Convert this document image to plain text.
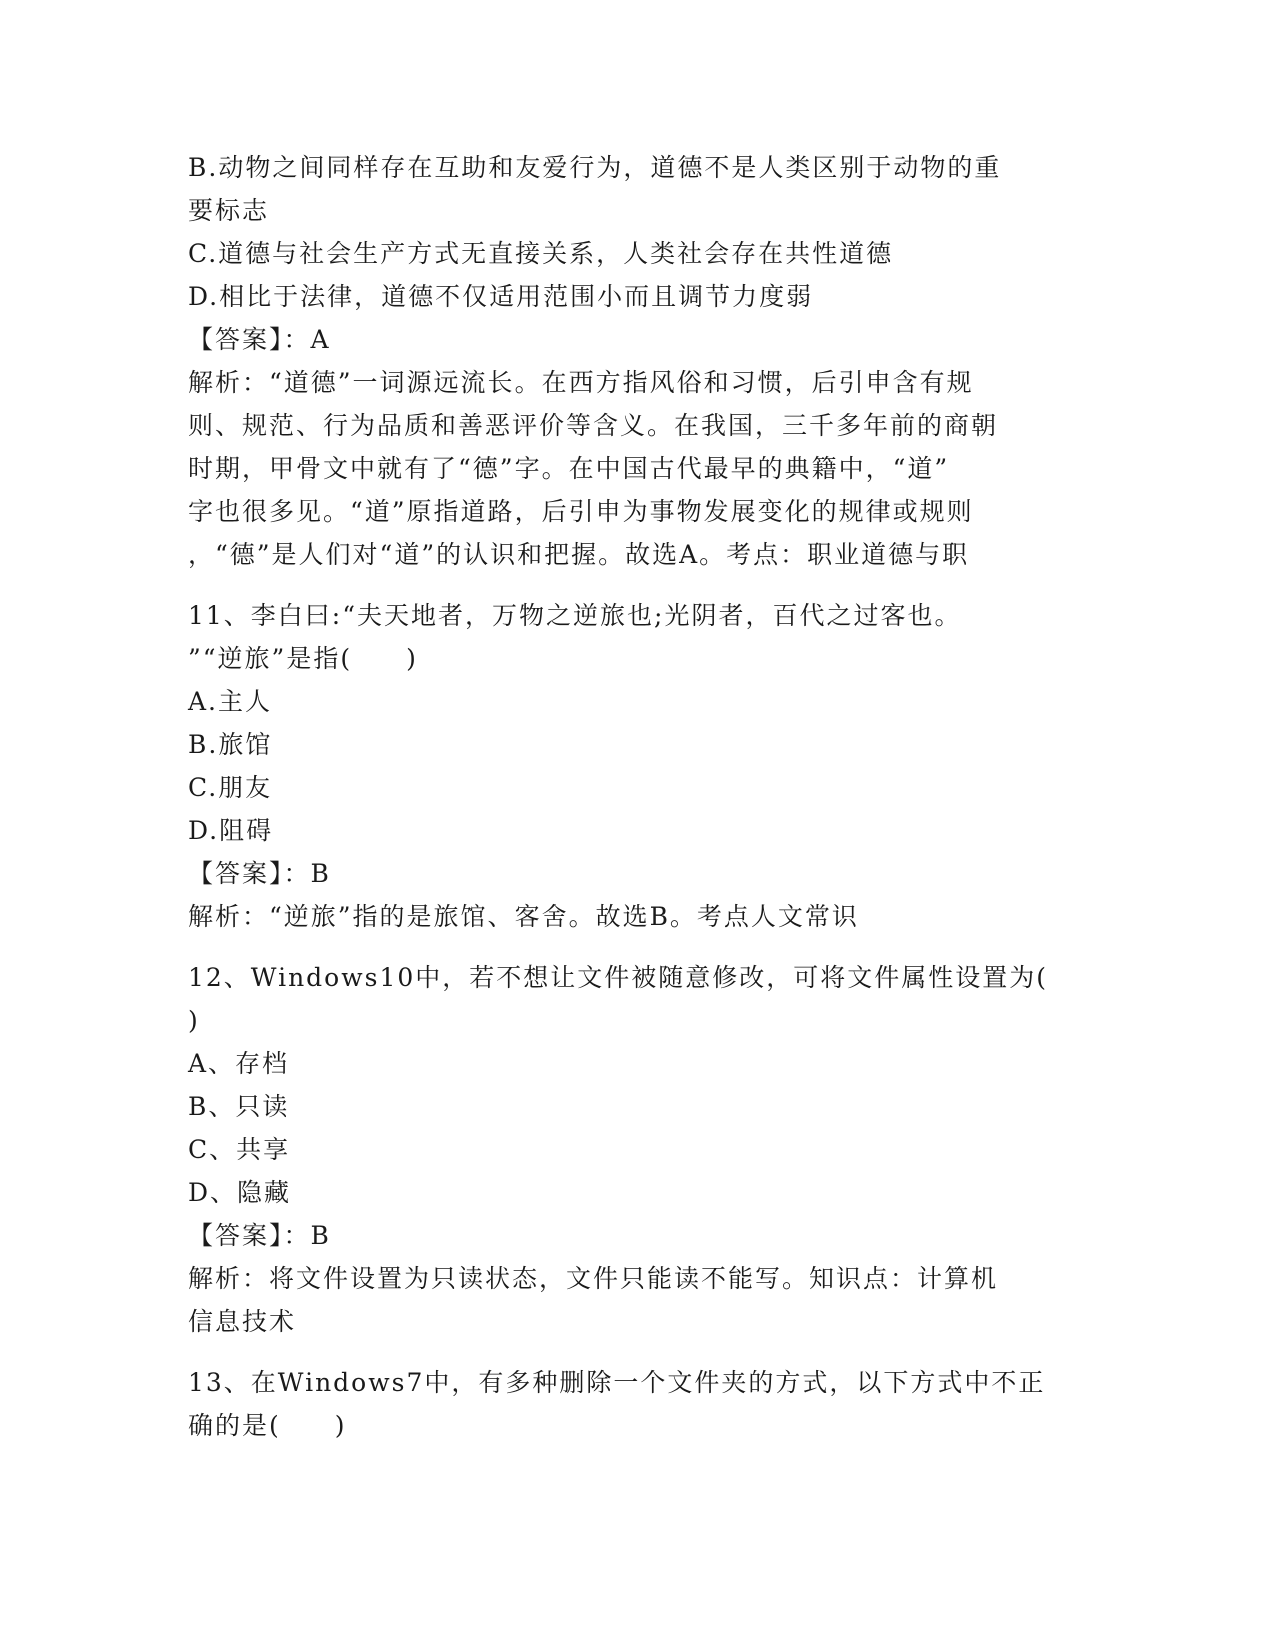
B.动物之间同样存在互助和友爱行为，道德不是人类区别于动物的重
要标志
C.道德与社会生产方式无直接关系，人类社会存在共性道德
D.相比于法律，道德不仅适用范围小而且调节力度弱
【答案】：A
解析：“道德”一词源远流长。在西方指风俗和习惯，后引申含有规
则、规范、行为品质和善恶评价等含义。在我国，三千多年前的商朝
时期，甲骨文中就有了“德”字。在中国古代最早的典籍中，“道”
字也很多见。“道”原指道路，后引申为事物发展变化的规律或规则
，“德”是人们对“道”的认识和把握。故选A。考点：职业道德与职
11、李白曰:“夫天地者，万物之逆旅也;光阴者，百代之过客也。
”“逆旅”是指(　　)
A.主人
B.旅馆
C.朋友
D.阻碍
【答案】：B
解析：“逆旅”指的是旅馆、客舍。故选B。考点人文常识
12、Windows10中，若不想让文件被随意修改，可将文件属性设置为(
)
A、存档
B、只读
C、共享
D、隐藏
【答案】：B
解析：将文件设置为只读状态，文件只能读不能写。知识点：计算机
信息技术
13、在Windows7中，有多种删除一个文件夹的方式，以下方式中不正
确的是(　　)
